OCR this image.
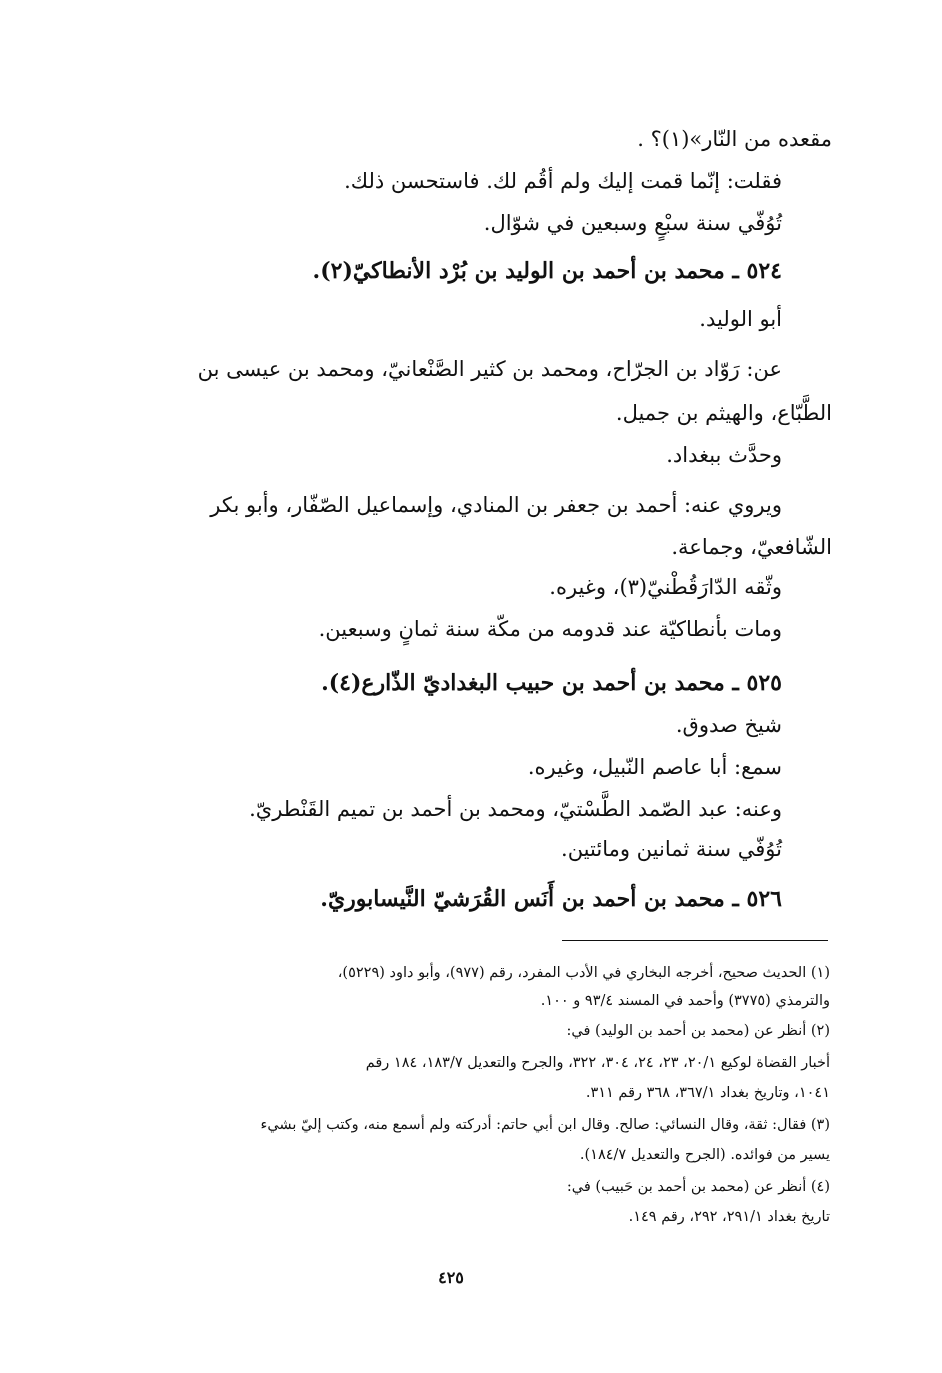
مقعده من النّار»(١)؟ .
فقلت: إنّما قمت إليك ولم أقُم لك. فاستحسن ذلك.
تُوُفّي سنة سبْعٍ وسبعين في شوّال.
٥٢٤ ـ محمد بن أحمد بن الوليد بن بُرْد الأنطاكيّ(٢).
أبو الوليد.
عن: رَوّاد بن الجرّاح، ومحمد بن كثير الصَّنْعانيّ، ومحمد بن عيسى بن
الطَّبّاع، والهيثم بن جميل.
وحدَّث ببغداد.
ويروي عنه: أحمد بن جعفر بن المنادي، وإسماعيل الصّفّار، وأبو بكر
الشّافعيّ، وجماعة.
وثّقه الدّارَقُطْنيّ(٣)، وغيره.
ومات بأنطاكيّة عند قدومه من مكّة سنة ثمانٍ وسبعين.
٥٢٥ ـ محمد بن أحمد بن حبيب البغداديّ الذّارع(٤).
شيخ صدوق.
سمع: أبا عاصم النّبيل، وغيره.
وعنه: عبد الصّمد الطَّسْتيّ، ومحمد بن أحمد بن تميم القَنْطريّ.
تُوُفّي سنة ثمانين ومائتين.
٥٢٦ ـ محمد بن أحمد بن أَنَس القُرَشيّ النَّيسابوريّ.
(١) الحديث صحيح، أخرجه البخاري في الأدب المفرد، رقم (٩٧٧)، وأبو داود (٥٢٢٩)،
والترمذي (٣٧٧٥) وأحمد في المسند ٩٣/٤ و ١٠٠.
(٢) أنظر عن (محمد بن أحمد بن الوليد) في:
أخبار القضاة لوكيع ٢٠/١، ٢٣، ٢٤، ٣٠٤، ٣٢٢، والجرح والتعديل ١٨٣/٧، ١٨٤ رقم
١٠٤١، وتاريخ بغداد ٣٦٧/١، ٣٦٨ رقم ٣١١.
(٣) فقال: ثقة، وقال النسائي: صالح. وقال ابن أبي حاتم: أدركته ولم أسمع منه، وكتب إليّ بشيء
يسير من فوائده. (الجرح والتعديل ١٨٤/٧).
(٤) أنظر عن (محمد بن أحمد بن حَبيب) في:
تاريخ بغداد ٢٩١/١، ٢٩٢، رقم ١٤٩.
٤٢٥
